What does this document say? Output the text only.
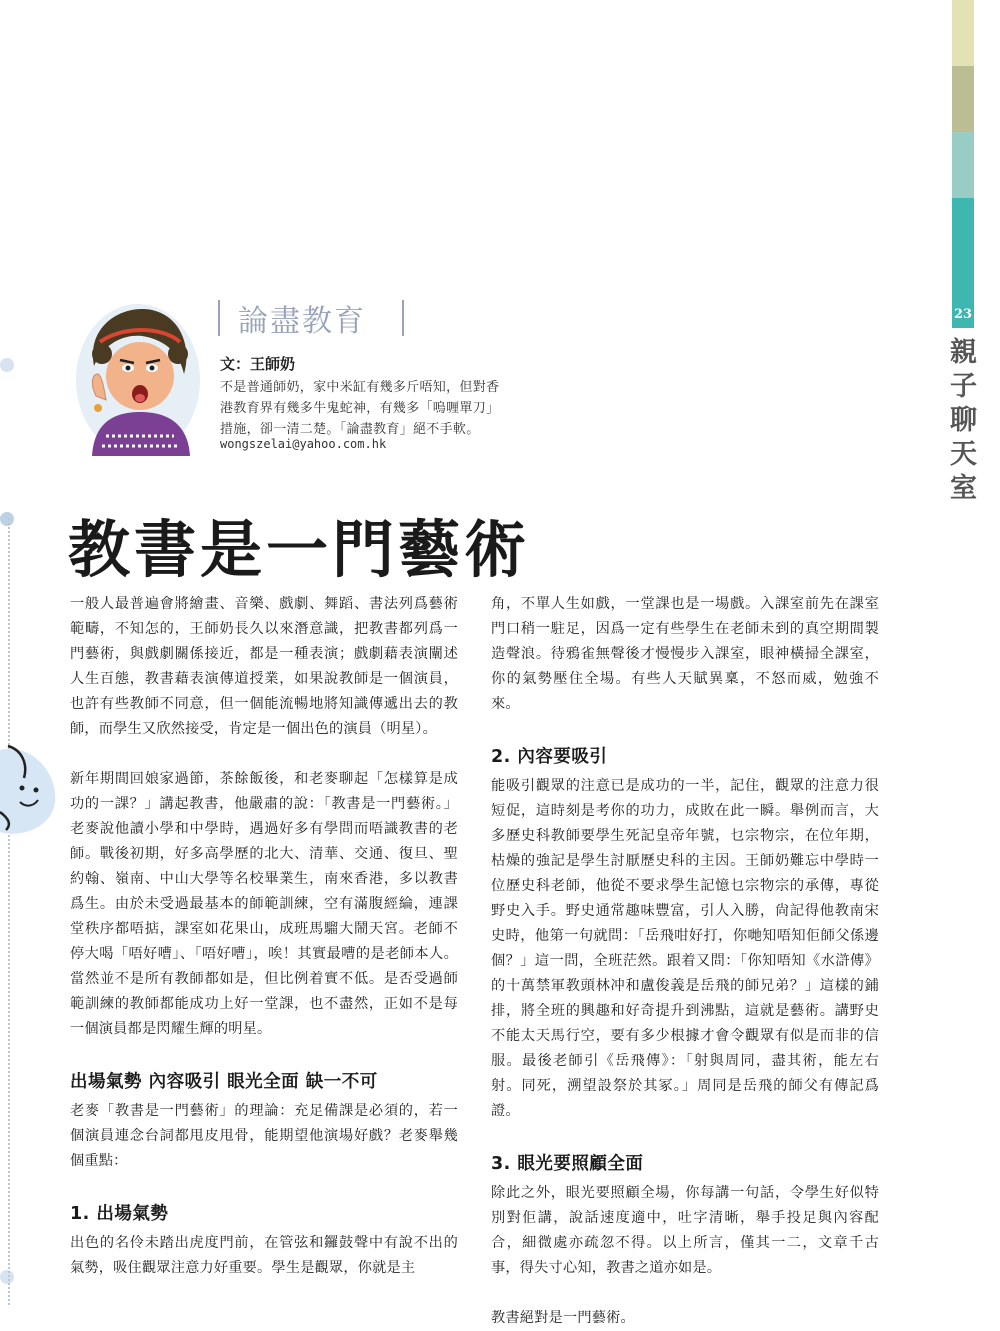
23
親子聊天室
論盡教育
文：王師奶
不是普通師奶，家中米缸有幾多斤唔知，但對香
港教育界有幾多牛鬼蛇神，有幾多「嗚喱單刀」
措施，卻一清二楚。「論盡教育」絕不手軟。
wongszelai@yahoo.com.hk
教書是一門藝術

一般人最普遍會將繪畫、音樂、戲劇、舞蹈、書法列爲藝術範疇，不知怎的，王師奶長久以來潛意識，把教書都列爲一門藝術，與戲劇關係接近，都是一種表演；戲劇藉表演闡述人生百態，教書藉表演傳道授業，如果說教師是一個演員，也許有些教師不同意，但一個能流暢地將知識傳遞出去的教師，而學生又欣然接受，肯定是一個出色的演員（明星）。

新年期間回娘家過節，茶餘飯後，和老麥聊起「怎樣算是成功的一課？」講起教書，他嚴肅的說：「教書是一門藝術。」老麥說他讀小學和中學時，遇過好多有學問而唔識教書的老師。戰後初期，好多高學歷的北大、清華、交通、復旦、聖約翰、嶺南、中山大學等名校畢業生，南來香港，多以教書爲生。由於未受過最基本的師範訓練，空有滿腹經綸，連課堂秩序都唔掂，課室如花果山，成班馬騮大鬧天宮。老師不停大喝「唔好嘈」、「唔好嘈」，唉！其實最嘈的是老師本人。當然並不是所有教師都如是，但比例着實不低。是否受過師範訓練的教師都能成功上好一堂課，也不盡然，正如不是每一個演員都是閃耀生輝的明星。

出場氣勢 內容吸引 眼光全面 缺一不可

老麥「教書是一門藝術」的理論：充足備課是必須的，若一個演員連念台詞都甩皮甩骨，能期望他演場好戲？老麥舉幾個重點：

1. 出場氣勢

出色的名伶未踏出虎度門前，在管弦和鑼鼓聲中有說不出的氣勢，吸住觀眾注意力好重要。學生是觀眾，你就是主

角，不單人生如戲，一堂課也是一場戲。入課室前先在課室門口稍一駐足，因爲一定有些學生在老師未到的真空期間製造聲浪。待鴉雀無聲後才慢慢步入課室，眼神橫掃全課室，你的氣勢壓住全場。有些人天賦異稟，不怒而威，勉強不來。

2. 內容要吸引

能吸引觀眾的注意已是成功的一半，記住，觀眾的注意力很短促，這時刻是考你的功力，成敗在此一瞬。舉例而言，大多歷史科教師要學生死記皇帝年號，乜宗物宗，在位年期，枯燥的強記是學生討厭歷史科的主因。王師奶難忘中學時一位歷史科老師，他從不要求學生記憶乜宗物宗的承傳，專從野史入手。野史通常趣味豐富，引人入勝，尙記得他教南宋史時，他第一句就問：「岳飛咁好打，你哋知唔知佢師父係邊個？」這一問，全班茫然。跟着又問：「你知唔知《水滸傳》的十萬禁軍教頭林冲和盧俊義是岳飛的師兄弟？」這樣的鋪排，將全班的興趣和好奇提升到沸點，這就是藝術。講野史不能太天馬行空，要有多少根據才會令觀眾有似是而非的信服。最後老師引《岳飛傳》：「射與周同，盡其術，能左右射。同死，溯望設祭於其冢。」周同是岳飛的師父有傳記爲證。

3. 眼光要照顧全面

除此之外，眼光要照顧全場，你每講一句話，令學生好似特別對佢講，說話速度適中，吐字清晰，舉手投足與內容配合，細微處亦疏忽不得。以上所言，僅其一二，文章千古事，得失寸心知，教書之道亦如是。

教書絕對是一門藝術。
